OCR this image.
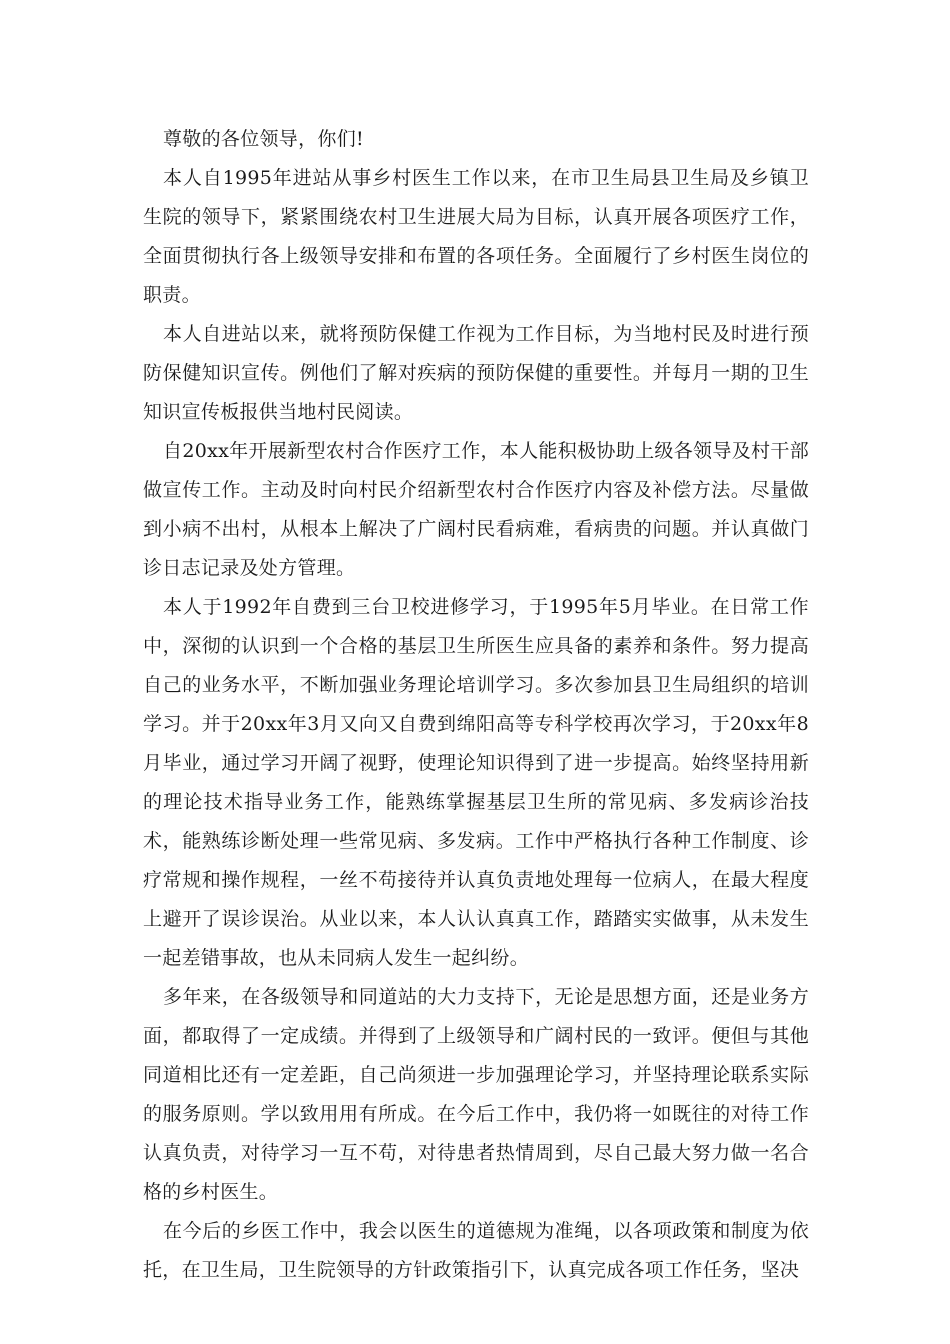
尊敬的各位领导，你们!

本人自1995年进站从事乡村医生工作以来，在市卫生局县卫生局及乡镇卫生院的领导下，紧紧围绕农村卫生进展大局为目标，认真开展各项医疗工作，全面贯彻执行各上级领导安排和布置的各项任务。全面履行了乡村医生岗位的职责。

本人自进站以来，就将预防保健工作视为工作目标，为当地村民及时进行预防保健知识宣传。例他们了解对疾病的预防保健的重要性。并每月一期的卫生知识宣传板报供当地村民阅读。

自20xx年开展新型农村合作医疗工作，本人能积极协助上级各领导及村干部做宣传工作。主动及时向村民介绍新型农村合作医疗内容及补偿方法。尽量做到小病不出村，从根本上解决了广阔村民看病难，看病贵的问题。并认真做门诊日志记录及处方管理。

本人于1992年自费到三台卫校进修学习，于1995年5月毕业。在日常工作中，深彻的认识到一个合格的基层卫生所医生应具备的素养和条件。努力提高自己的业务水平，不断加强业务理论培训学习。多次参加县卫生局组织的培训学习。并于20xx年3月又向又自费到绵阳高等专科学校再次学习，于20xx年8月毕业，通过学习开阔了视野，使理论知识得到了进一步提高。始终坚持用新的理论技术指导业务工作，能熟练掌握基层卫生所的常见病、多发病诊治技术，能熟练诊断处理一些常见病、多发病。工作中严格执行各种工作制度、诊疗常规和操作规程，一丝不苟接待并认真负责地处理每一位病人，在最大程度上避开了误诊误治。从业以来，本人认认真真工作，踏踏实实做事，从未发生一起差错事故，也从未同病人发生一起纠纷。

多年来，在各级领导和同道站的大力支持下，无论是思想方面，还是业务方面，都取得了一定成绩。并得到了上级领导和广阔村民的一致评。便但与其他同道相比还有一定差距，自己尚须进一步加强理论学习，并坚持理论联系实际的服务原则。学以致用用有所成。在今后工作中，我仍将一如既往的对待工作认真负责，对待学习一互不苟，对待患者热情周到，尽自己最大努力做一名合格的乡村医生。

在今后的乡医工作中，我会以医生的道德规为准绳，以各项政策和制度为依托，在卫生局，卫生院领导的方针政策指引下，认真完成各项工作任务，坚决
